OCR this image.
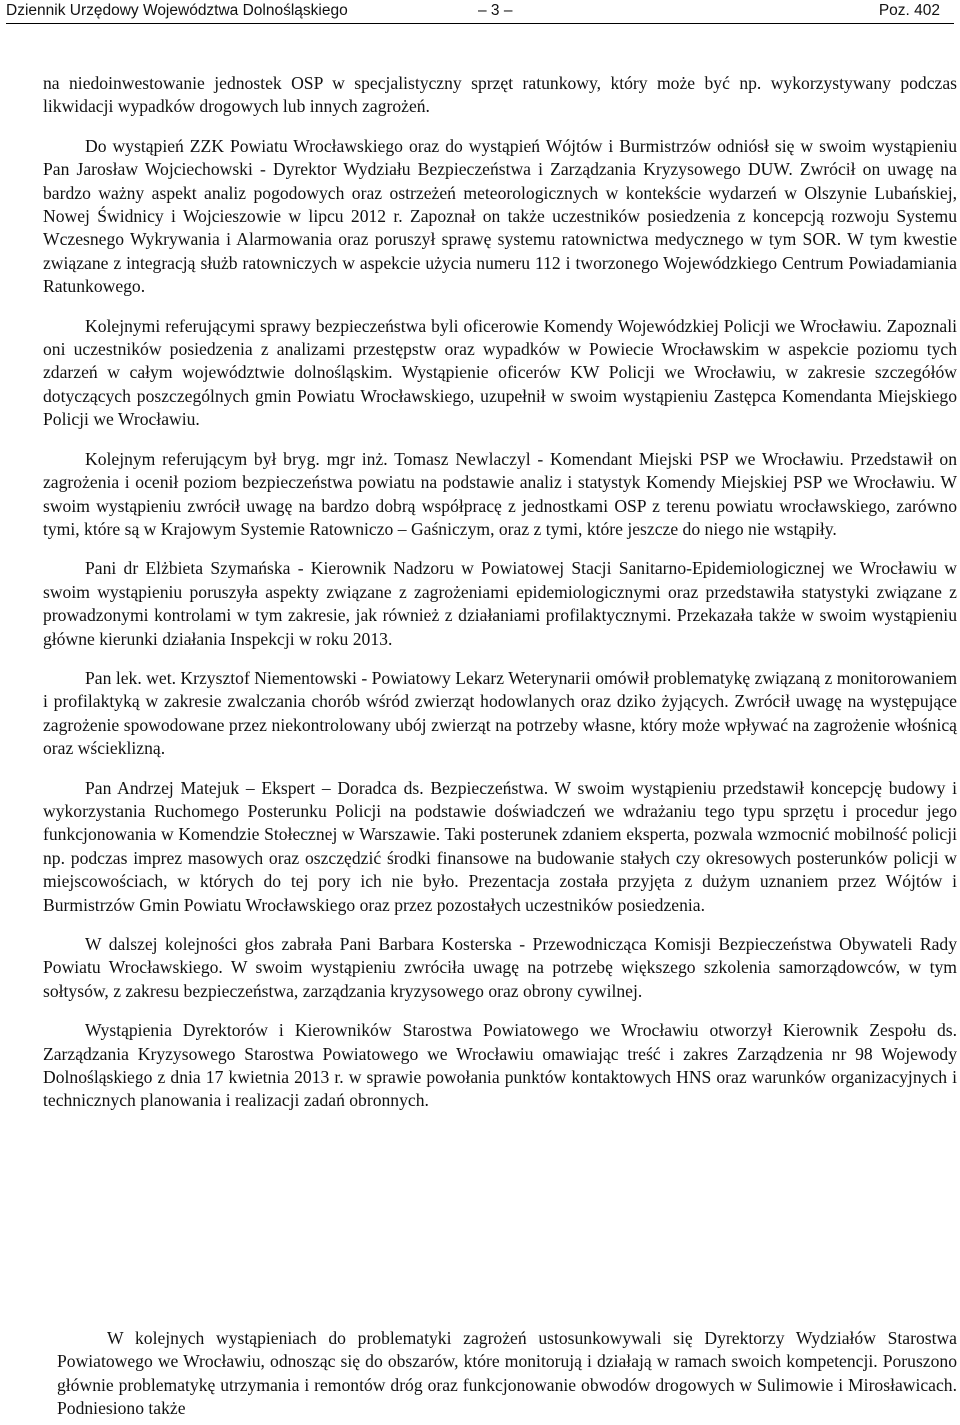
Dziennik Urzędowy Województwa Dolnośląskiego	– 3 –	Poz. 402

na niedoinwestowanie jednostek OSP w specjalistyczny sprzęt ratunkowy, który może być np. wykorzystywany podczas likwidacji wypadków drogowych lub innych zagrożeń.

Do wystąpień ZZK Powiatu Wrocławskiego oraz do wystąpień Wójtów i Burmistrzów odniósł się w swoim wystąpieniu Pan Jarosław Wojciechowski - Dyrektor Wydziału Bezpieczeństwa i Zarządzania Kryzysowego DUW. Zwrócił on uwagę na bardzo ważny aspekt analiz pogodowych oraz ostrzeżeń meteorologicznych w kontekście wydarzeń w Olszynie Lubańskiej, Nowej Świdnicy i Wojcieszowie w lipcu 2012 r. Zapoznał on także uczestników posiedzenia z koncepcją rozwoju Systemu Wczesnego Wykrywania i Alarmowania oraz poruszył sprawę systemu ratownictwa medycznego w tym SOR. W tym kwestie związane z integracją służb ratowniczych w aspekcie użycia numeru 112 i tworzonego Wojewódzkiego Centrum Powiadamiania Ratunkowego.

Kolejnymi referującymi sprawy bezpieczeństwa byli oficerowie Komendy Wojewódzkiej Policji we Wrocławiu. Zapoznali oni uczestników posiedzenia z analizami przestępstw oraz wypadków w Powiecie Wrocławskim w aspekcie poziomu tych zdarzeń w całym województwie dolnośląskim. Wystąpienie oficerów KW Policji we Wrocławiu, w zakresie szczegółów dotyczących poszczególnych gmin Powiatu Wrocławskiego, uzupełnił w swoim wystąpieniu Zastępca Komendanta Miejskiego Policji we Wrocławiu.

Kolejnym referującym był bryg. mgr inż. Tomasz Newlaczyl - Komendant Miejski PSP we Wrocławiu. Przedstawił on zagrożenia i ocenił poziom bezpieczeństwa powiatu na podstawie analiz i statystyk Komendy Miejskiej PSP we Wrocławiu. W swoim wystąpieniu zwrócił uwagę na bardzo dobrą współpracę z jednostkami OSP z terenu powiatu wrocławskiego, zarówno tymi, które są w Krajowym Systemie Ratowniczo – Gaśniczym, oraz z tymi, które jeszcze do niego nie wstąpiły.

Pani dr Elżbieta Szymańska - Kierownik Nadzoru w Powiatowej Stacji Sanitarno-Epidemiologicznej we Wrocławiu w swoim wystąpieniu poruszyła aspekty związane z zagrożeniami epidemiologicznymi oraz przedstawiła statystyki związane z prowadzonymi kontrolami w tym zakresie, jak również z działaniami profilaktycznymi. Przekazała także w swoim wystąpieniu główne kierunki działania Inspekcji w roku 2013.

Pan lek. wet. Krzysztof Niementowski - Powiatowy Lekarz Weterynarii omówił problematykę związaną z monitorowaniem i profilaktyką w zakresie zwalczania chorób wśród zwierząt hodowlanych oraz dziko żyjących. Zwrócił uwagę na występujące zagrożenie spowodowane przez niekontrolowany ubój zwierząt na potrzeby własne, który może wpływać na zagrożenie włośnicą oraz wścieklizną.

Pan Andrzej Matejuk – Ekspert – Doradca ds. Bezpieczeństwa. W swoim wystąpieniu przedstawił koncepcję budowy i wykorzystania Ruchomego Posterunku Policji na podstawie doświadczeń we wdrażaniu tego typu sprzętu i procedur jego funkcjonowania w Komendzie Stołecznej w Warszawie. Taki posterunek zdaniem eksperta, pozwala wzmocnić mobilność policji np. podczas imprez masowych oraz oszczędzić środki finansowe na budowanie stałych czy okresowych posterunków policji w miejscowościach, w których do tej pory ich nie było. Prezentacja została przyjęta z dużym uznaniem przez Wójtów i Burmistrzów Gmin Powiatu Wrocławskiego oraz przez pozostałych uczestników posiedzenia.

W dalszej kolejności głos zabrała Pani Barbara Kosterska - Przewodnicząca Komisji Bezpieczeństwa Obywateli Rady Powiatu Wrocławskiego. W swoim wystąpieniu zwróciła uwagę na potrzebę większego szkolenia samorządowców, w tym sołtysów, z zakresu bezpieczeństwa, zarządzania kryzysowego oraz obrony cywilnej.

Wystąpienia Dyrektorów i Kierowników Starostwa Powiatowego we Wrocławiu otworzył Kierownik Zespołu ds. Zarządzania Kryzysowego Starostwa Powiatowego we Wrocławiu omawiając treść i zakres Zarządzenia nr 98 Wojewody Dolnośląskiego z dnia 17 kwietnia 2013 r. w sprawie powołania punktów kontaktowych HNS oraz warunków organizacyjnych i technicznych planowania i realizacji zadań obronnych.

W kolejnych wystąpieniach do problematyki zagrożeń ustosunkowywali się Dyrektorzy Wydziałów Starostwa Powiatowego we Wrocławiu, odnosząc się do obszarów, które monitorują i działają w ramach swoich kompetencji. Poruszono głównie problematykę utrzymania i remontów dróg oraz funkcjonowanie obwodów drogowych w Sulimowie i Mirosławicach. Podniesiono także
